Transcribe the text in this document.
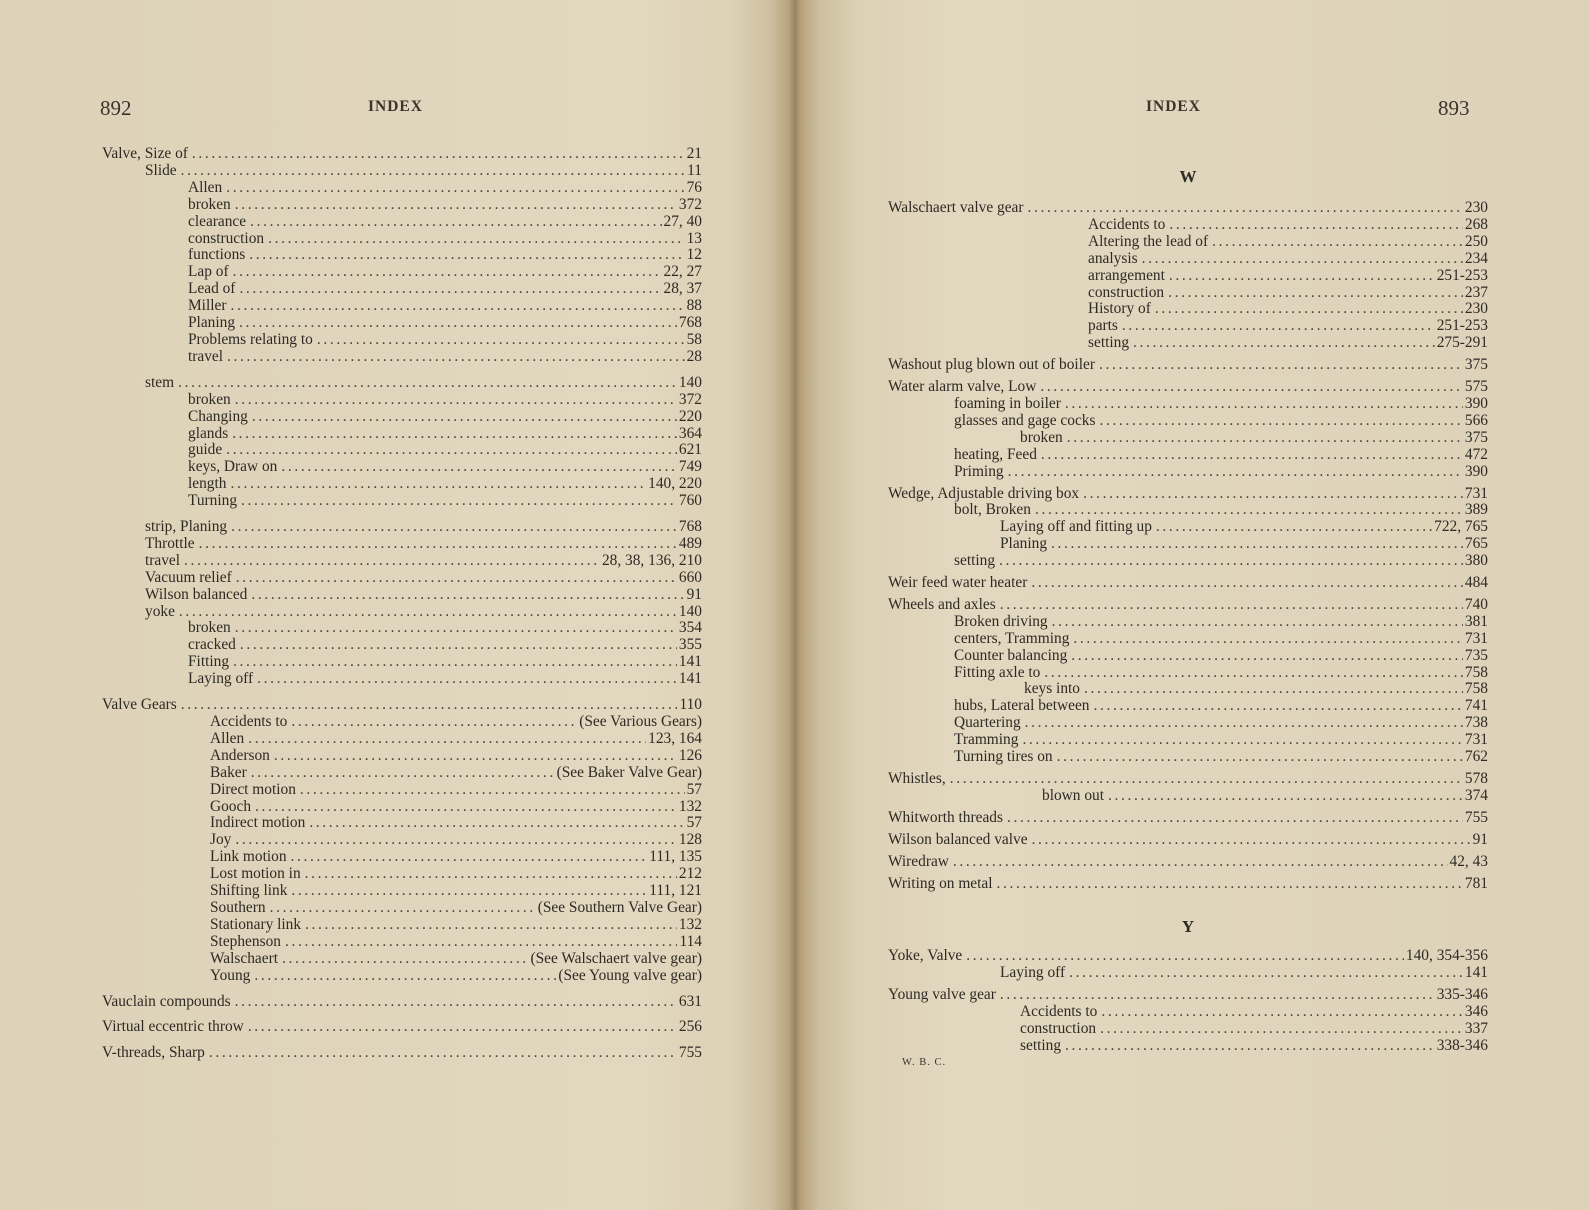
892	INDEX
Valve, Size of . . .	21
Slide . . .	11
Allen . . .	76
broken . . .	372
clearance . . .	27, 40
construction . . .	13
functions . . .	12
Lap of . . .	22, 27
Lead of . . .	28, 37
Miller . . .	88
Planing . . .	768
Problems relating to . . .	58
travel . . .	28
stem . . .	140
broken . . .	372
Changing . . .	220
glands . . .	364
guide . . .	621
keys, Draw on . . .	749
length . . .	140, 220
Turning . . .	760
strip, Planing . . .	768
Throttle . . .	489
travel . . .	28, 38, 136, 210
Vacuum relief . . .	660
Wilson balanced . . .	91
yoke . . .	140
broken . . .	354
cracked . . .	355
Fitting . . .	141
Laying off . . .	141
Valve Gears . . .	110
Accidents to . . .	(See Various Gears)
Allen . . .	123, 164
Anderson . . .	126
Baker . . .	(See Baker Valve Gear)
Direct motion . . .	57
Gooch . . .	132
Indirect motion . . .	57
Joy . . .	128
Link motion . . .	111, 135
Lost motion in . . .	212
Shifting link . . .	111, 121
Southern . . .	(See Southern Valve Gear)
Stationary link . . .	132
Stephenson . . .	114
Walschaert . . .	(See Walschaert valve gear)
Young . . .	(See Young valve gear)
Vauclain compounds . . .	631
Virtual eccentric throw . . .	256
V-threads, Sharp . . .	755
INDEX	893
W
Walschaert valve gear . . .	230
Accidents to . . .	268
Altering the lead of . . .	250
analysis . . .	234
arrangement . . .	251-253
construction . . .	237
History of . . .	230
parts . . .	251-253
setting . . .	275-291
Washout plug blown out of boiler . . .	375
Water alarm valve, Low . . .	575
foaming in boiler . . .	390
glasses and gage cocks . . .	566
broken . . .	375
heating, Feed . . .	472
Priming . . .	390
Wedge, Adjustable driving box . . .	731
bolt, Broken . . .	389
Laying off and fitting up . . .	722, 765
Planing . . .	765
setting . . .	380
Weir feed water heater . . .	484
Wheels and axles . . .	740
Broken driving . . .	381
centers, Tramming . . .	731
Counter balancing . . .	735
Fitting axle to . . .	758
keys into . . .	758
hubs, Lateral between . . .	741
Quartering . . .	738
Tramming . . .	731
Turning tires on . . .	762
Whistles, . . .	578
blown out . . .	374
Whitworth threads . . .	755
Wilson balanced valve . . .	91
Wiredraw . . .	42, 43
Writing on metal . . .	781
Y
Yoke, Valve . . .	140, 354-356
Laying off . . .	141
Young valve gear . . .	335-346
Accidents to . . .	346
construction . . .	337
setting . . .	338-346
W. B. C.
